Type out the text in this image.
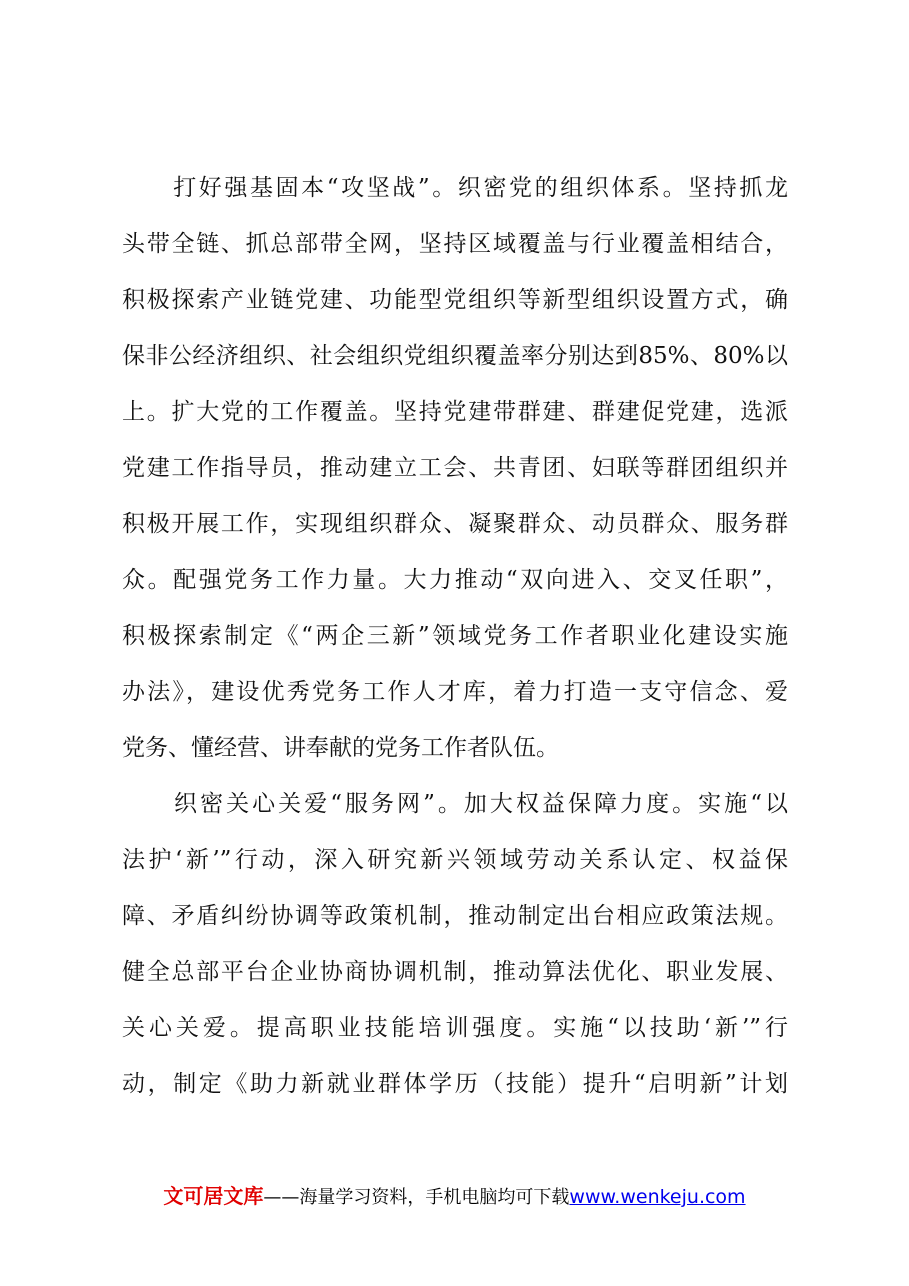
　　打好强基固本“攻坚战”。织密党的组织体系。坚持抓龙
头带全链、抓总部带全网，坚持区域覆盖与行业覆盖相结合，
积极探索产业链党建、功能型党组织等新型组织设置方式，确
保非公经济组织、社会组织党组织覆盖率分别达到85%、80%以
上。扩大党的工作覆盖。坚持党建带群建、群建促党建，选派
党建工作指导员，推动建立工会、共青团、妇联等群团组织并
积极开展工作，实现组织群众、凝聚群众、动员群众、服务群
众。配强党务工作力量。大力推动“双向进入、交叉任职”，
积极探索制定《“两企三新”领域党务工作者职业化建设实施
办法》，建设优秀党务工作人才库，着力打造一支守信念、爱
党务、懂经营、讲奉献的党务工作者队伍。
　　织密关心关爱“服务网”。加大权益保障力度。实施“以
法护‘新’”行动，深入研究新兴领域劳动关系认定、权益保
障、矛盾纠纷协调等政策机制，推动制定出台相应政策法规。
健全总部平台企业协商协调机制，推动算法优化、职业发展、
关心关爱。提高职业技能培训强度。实施“以技助‘新’”行
动，制定《助力新就业群体学历（技能）提升“启明新”计划
文可居文库——海量学习资料，手机电脑均可下载www.wenkeju.com
